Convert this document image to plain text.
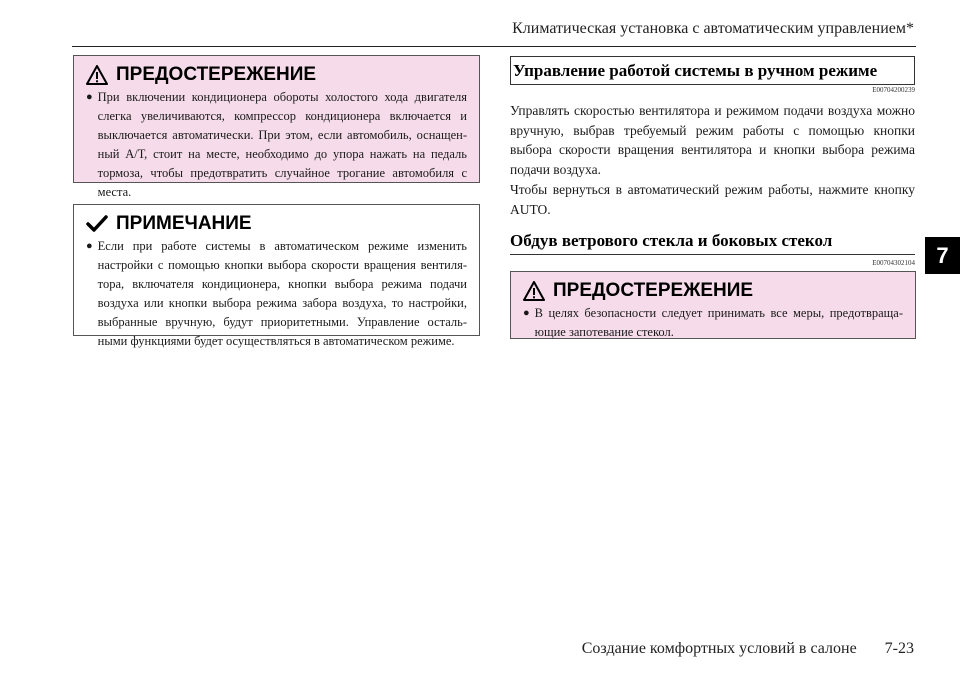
Климатическая установка с автоматическим управлением*
7
ПРЕДОСТЕРЕЖЕНИЕ
● При включении кондиционера обороты холостого хода двигателя слегка увеличиваются, компрессор кондиционера включается и выключается автоматически. При этом, если автомобиль, оснащен-ный А/Т, стоит на месте, необходимо до упора нажать на педаль тормоза, чтобы предотвратить случайное трогание автомобиля с места.
ПРИМЕЧАНИЕ
● Если при работе системы в автоматическом режиме изменить настройки с помощью кнопки выбора скорости вращения вентиля-тора, включателя кондиционера, кнопки выбора режима подачи воздуха или кнопки выбора режима забора воздуха, то настройки, выбранные вручную, будут приоритетными. Управление осталь-ными функциями будет осуществляться в автоматическом режиме.
Управление работой системы в ручном режиме
E00704200239

Управлять скоростью вентилятора и режимом подачи воздуха можно вручную, выбрав требуемый режим работы с помощью кнопки выбора скорости вращения вентилятора и кнопки выбора режима подачи воздуха.

Чтобы вернуться в автоматический режим работы, нажмите кнопку AUTO.

Обдув ветрового стекла и боковых стекол
E00704302104
ПРЕДОСТЕРЕЖЕНИЕ
● В целях безопасности следует принимать все меры, предотвраща-ющие запотевание стекол.
Создание комфортных условий в салоне 7-23
